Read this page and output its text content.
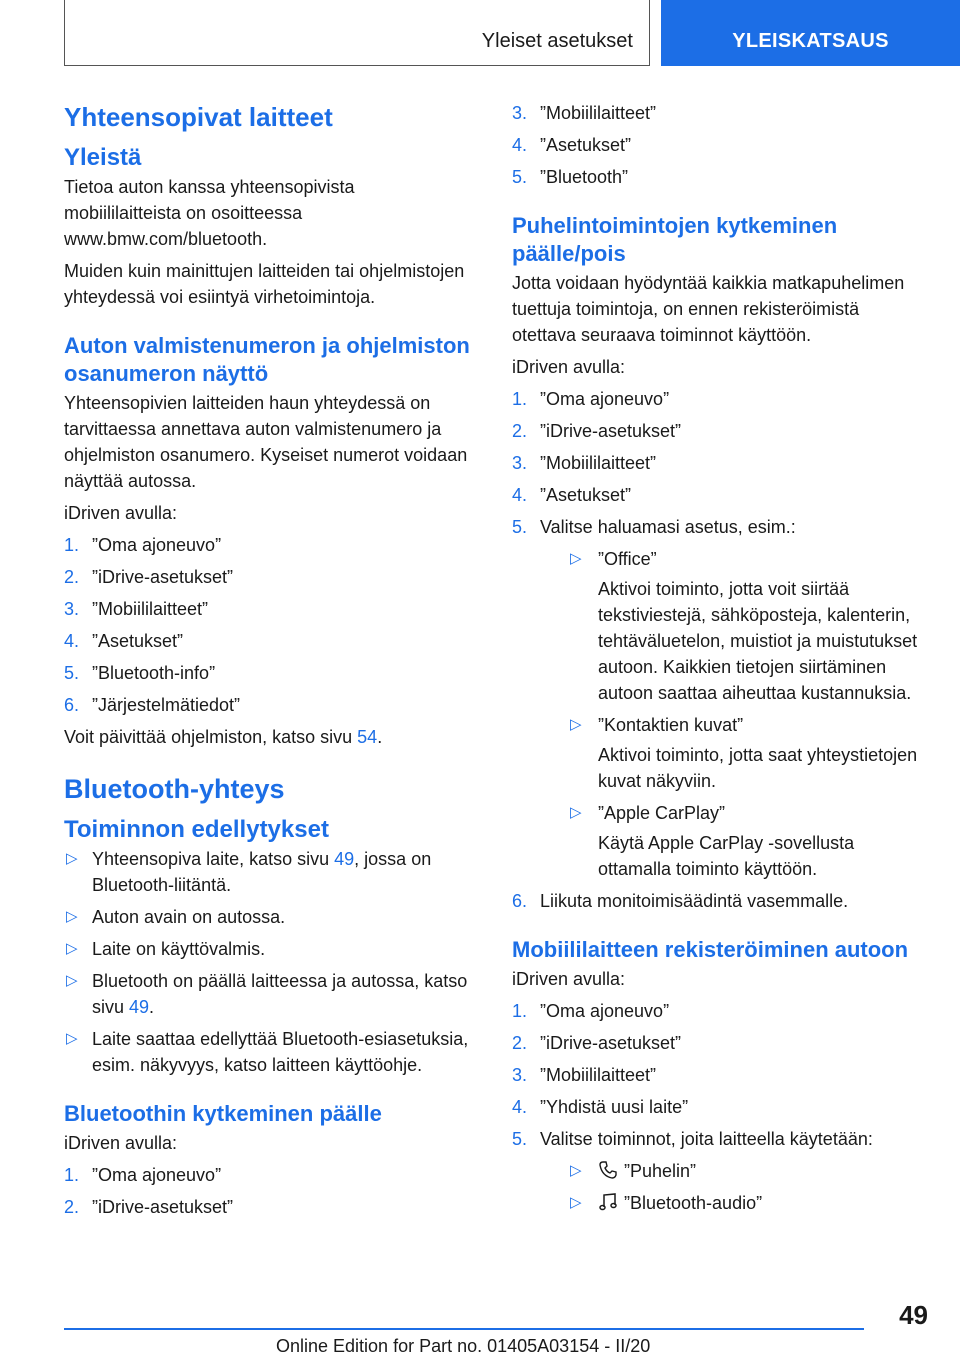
Yleiset asetukset	YLEISKATSAUS
Yhteensopivat laitteet
Yleistä

Tietoa auton kanssa yhteensopivista mobiililaitteista on osoitteessa www.bmw.com/bluetooth.

Muiden kuin mainittujen laitteiden tai ohjelmistojen yhteydessä voi esiintyä virhetoimintoja.

Auton valmistenumeron ja ohjelmiston osanumeron näyttö

Yhteensopivien laitteiden haun yhteydessä on tarvittaessa annettava auton valmistenumero ja ohjelmiston osanumero. Kyseiset numerot voidaan näyttää autossa.

iDriven avulla:

1. ”Oma ajoneuvo”
2. ”iDrive-asetukset”
3. ”Mobiililaitteet”
4. ”Asetukset”
5. ”Bluetooth-info”
6. ”Järjestelmätiedot”

Voit päivittää ohjelmiston, katso sivu 54.

Bluetooth-yhteys
Toiminnon edellytykset
▷ Yhteensopiva laite, katso sivu 49, jossa on Bluetooth-liitäntä.
▷ Auton avain on autossa.
▷ Laite on käyttövalmis.
▷ Bluetooth on päällä laitteessa ja autossa, katso sivu 49.
▷ Laite saattaa edellyttää Bluetooth-esiasetuksia, esim. näkyvyys, katso laitteen käyttöohje.
Bluetoothin kytkeminen päälle

iDriven avulla:

1. ”Oma ajoneuvo”
2. ”iDrive-asetukset”
3. ”Mobiililaitteet”
4. ”Asetukset”
5. ”Bluetooth”
Puhelintoimintojen kytkeminen päälle/pois

Jotta voidaan hyödyntää kaikkia matkapuhelimen tuettuja toimintoja, on ennen rekisteröimistä otettava seuraava toiminnot käyttöön.

iDriven avulla:

1. ”Oma ajoneuvo”
2. ”iDrive-asetukset”
3. ”Mobiililaitteet”
4. ”Asetukset”
5. Valitse haluamasi asetus, esim.:
▷ ”Office”
Aktivoi toiminto, jotta voit siirtää tekstiviestejä, sähköposteja, kalenterin, tehtäväluetelon, muistiot ja muistutukset autoon. Kaikkien tietojen siirtäminen autoon saattaa aiheuttaa kustannuksia.
▷ ”Kontaktien kuvat”
Aktivoi toiminto, jotta saat yhteystietojen kuvat näkyviin.
▷ ”Apple CarPlay”
Käytä Apple CarPlay -sovellusta ottamalla toiminto käyttöön.
6. Liikuta monitoimisäädintä vasemmalle.
Mobiililaitteen rekisteröiminen autoon

iDriven avulla:

1. ”Oma ajoneuvo”
2. ”iDrive-asetukset”
3. ”Mobiililaitteet”
4. ”Yhdistä uusi laite”
5. Valitse toiminnot, joita laitteella käytetään:
▷ ”Puhelin”
▷ ”Bluetooth-audio”
49
Online Edition for Part no. 01405A03154 - II/20
